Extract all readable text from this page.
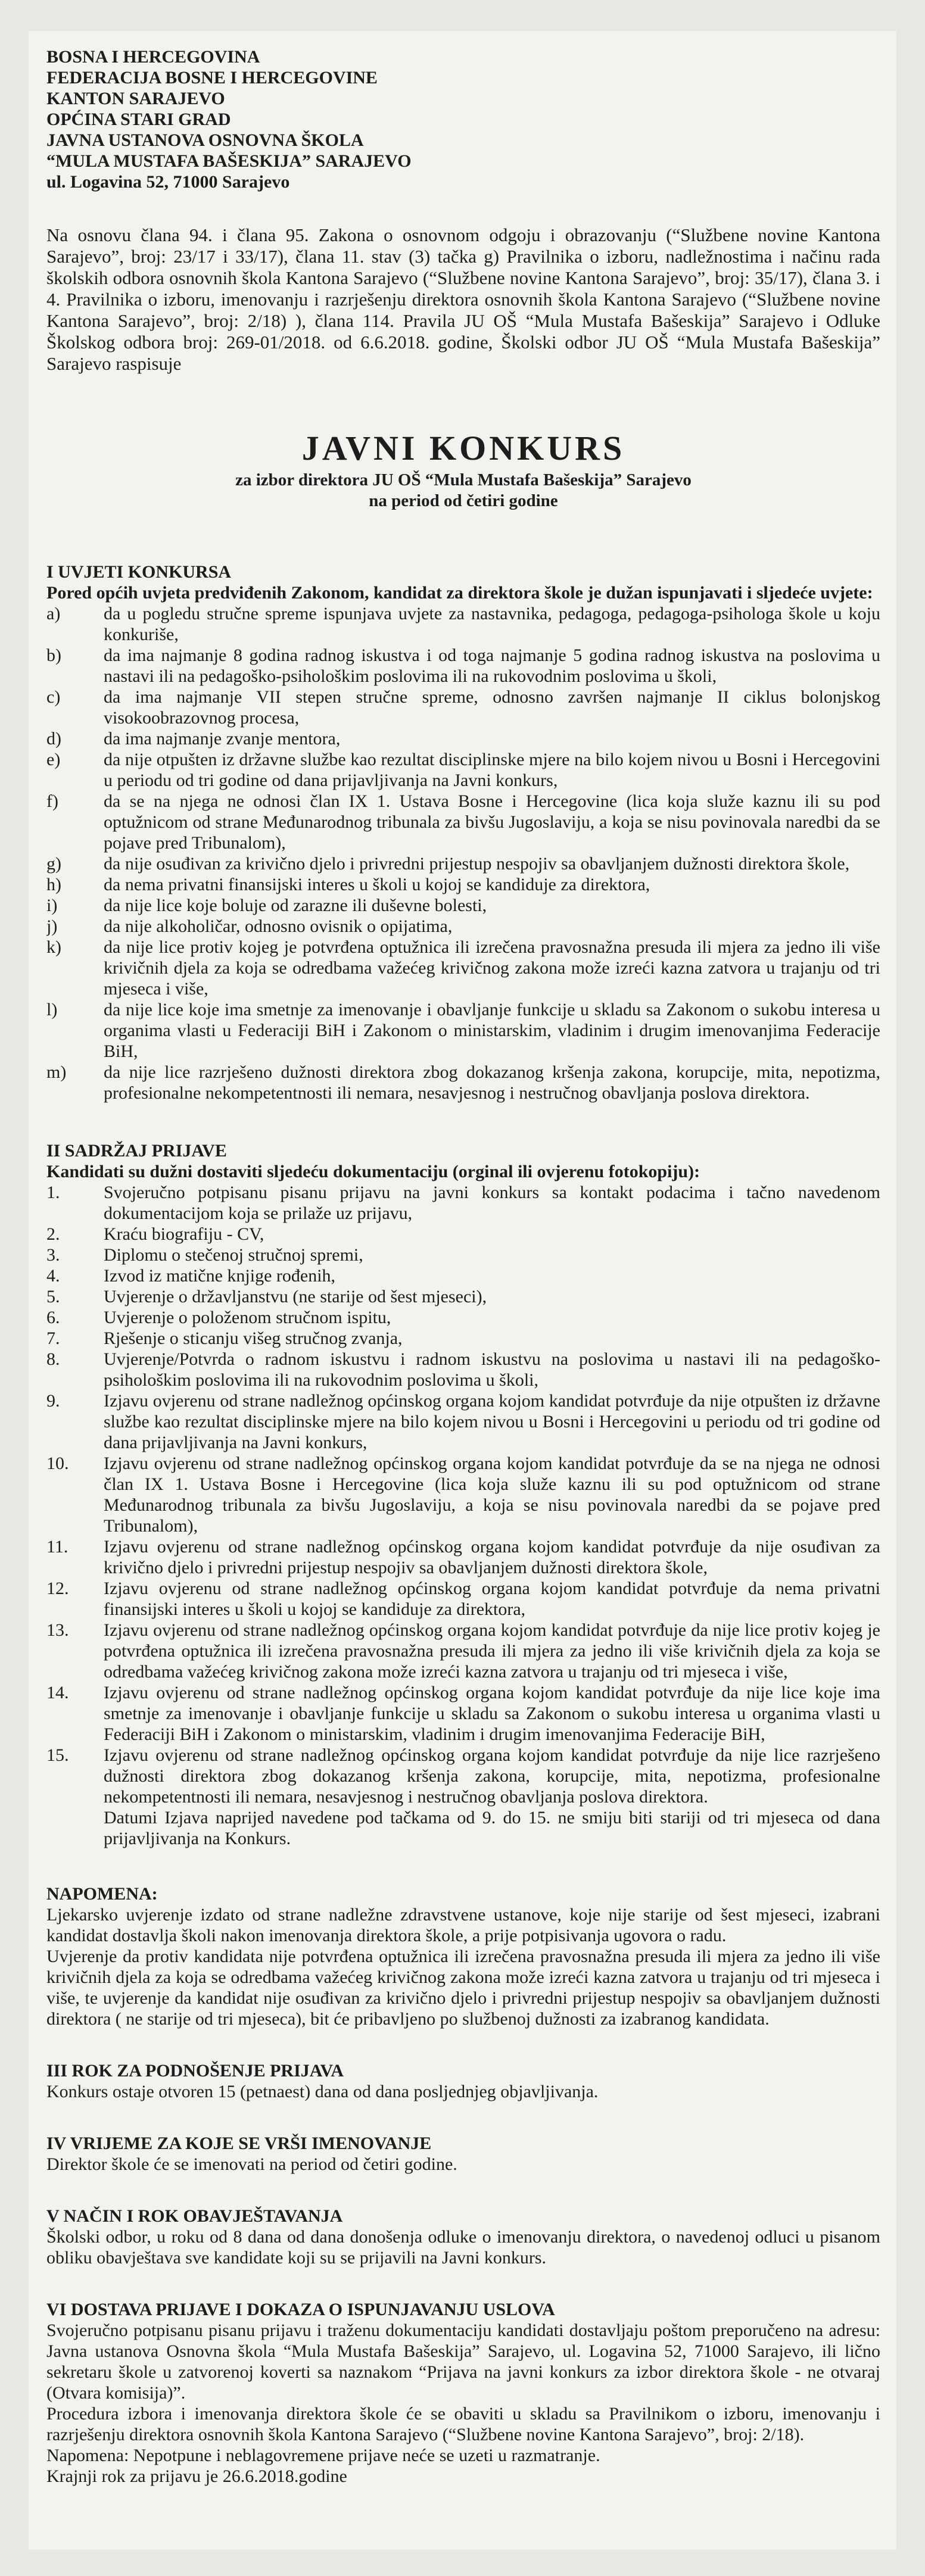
BOSNA I HERCEGOVINA

FEDERACIJA BOSNE I HERCEGOVINE

KANTON SARAJEVO

OPĆINA STARI GRAD

JAVNA USTANOVA OSNOVNA ŠKOLA

“MULA MUSTAFA BAŠESKIJA” SARAJEVO

ul. Logavina 52, 71000 Sarajevo

Na osnovu člana 94. i člana 95. Zakona o osnovnom odgoju i obrazovanju (“Službene novine Kantona Sarajevo”, broj: 23/17 i 33/17), člana 11. stav (3) tačka g) Pravilnika o izboru, nadležnostima i načinu rada školskih odbora osnovnih škola Kantona Sarajevo (“Službene novine Kantona Sarajevo”, broj: 35/17), člana 3. i 4. Pravilnika o izboru, imenovanju i razrješenju direktora osnovnih škola Kantona Sarajevo (“Službene novine Kantona Sarajevo”, broj: 2/18) ), člana 114. Pravila JU OŠ “Mula Mustafa Bašeskija” Sarajevo i Odluke Školskog odbora broj: 269-01/2018. od 6.6.2018. godine, Školski odbor JU OŠ “Mula Mustafa Bašeskija” Sarajevo raspisuje

JAVNI KONKURS

za izbor direktora JU OŠ “Mula Mustafa Bašeskija” Sarajevo

na period od četiri godine

I UVJETI KONKURSA

Pored općih uvjeta predviđenih Zakonom, kandidat za direktora škole je dužan ispunjavati i sljedeće uvjete:

a)	da u pogledu stručne spreme ispunjava uvjete za nastavnika, pedagoga, pedagoga-psihologa škole u koju konkuriše,
b)	da ima najmanje 8 godina radnog iskustva i od toga najmanje 5 godina radnog iskustva na poslovima u nastavi ili na pedagoško-psihološkim poslovima ili na rukovodnim poslovima u školi,
c)	da ima najmanje VII stepen stručne spreme, odnosno završen najmanje II ciklus bolonjskog visokoobrazovnog procesa,
d)	da ima najmanje zvanje mentora,
e)	da nije otpušten iz državne službe kao rezultat disciplinske mjere na bilo kojem nivou u Bosni i Hercegovini u periodu od tri godine od dana prijavljivanja na Javni konkurs,
f)	da se na njega ne odnosi član IX 1. Ustava Bosne i Hercegovine (lica koja služe kaznu ili su pod optužnicom od strane Međunarodnog tribunala za bivšu Jugoslaviju, a koja se nisu povinovala naredbi da se pojave pred Tribunalom),
g)	da nije osuđivan za krivično djelo i privredni prijestup nespojiv sa obavljanjem dužnosti direktora škole,
h)	da nema privatni finansijski interes u školi u kojoj se kandiduje za direktora,
i)	da nije lice koje boluje od zarazne ili duševne bolesti,
j)	da nije alkoholičar, odnosno ovisnik o opijatima,
k)	da nije lice protiv kojeg je potvrđena optužnica ili izrečena pravosnažna presuda ili mjera za jedno ili više krivičnih djela za koja se odredbama važećeg krivičnog zakona može izreći kazna zatvora u trajanju od tri mjeseca i više,
l)	da nije lice koje ima smetnje za imenovanje i obavljanje funkcije u skladu sa Zakonom o sukobu interesa u organima vlasti u Federaciji BiH i Zakonom o ministarskim, vladinim i drugim imenovanjima Federacije BiH,
m)	da nije lice razrješeno dužnosti direktora zbog dokazanog kršenja zakona, korupcije, mita, nepotizma, profesionalne nekompetentnosti ili nemara, nesavjesnog i nestručnog obavljanja poslova direktora.

II SADRŽAJ PRIJAVE

Kandidati su dužni dostaviti sljedeću dokumentaciju (orginal ili ovjerenu fotokopiju):

1.	Svojeručno potpisanu pisanu prijavu na javni konkurs sa kontakt podacima i tačno navedenom dokumentacijom koja se prilaže uz prijavu,
2.	Kraću biografiju - CV,
3.	Diplomu o stečenoj stručnoj spremi,
4.	Izvod iz matične knjige rođenih,
5.	Uvjerenje o državljanstvu (ne starije od šest mjeseci),
6.	Uvjerenje o položenom stručnom ispitu,
7.	Rješenje o sticanju višeg stručnog zvanja,
8.	Uvjerenje/Potvrda o radnom iskustvu i radnom iskustvu na poslovima u nastavi ili na pedagoško- psihološkim poslovima ili na rukovodnim poslovima u školi,
9.	Izjavu ovjerenu od strane nadležnog općinskog organa kojom kandidat potvrđuje da nije otpušten iz državne službe kao rezultat disciplinske mjere na bilo kojem nivou u Bosni i Hercegovini u periodu od tri godine od dana prijavljivanja na Javni konkurs,
10.	Izjavu ovjerenu od strane nadležnog općinskog organa kojom kandidat potvrđuje da se na njega ne odnosi član IX 1. Ustava Bosne i Hercegovine (lica koja služe kaznu ili su pod optužnicom od strane Međunarodnog tribunala za bivšu Jugoslaviju, a koja se nisu povinovala naredbi da se pojave pred Tribunalom),
11.	Izjavu ovjerenu od strane nadležnog općinskog organa kojom kandidat potvrđuje da nije osuđivan za krivično djelo i privredni prijestup nespojiv sa obavljanjem dužnosti direktora škole,
12.	Izjavu ovjerenu od strane nadležnog općinskog organa kojom kandidat potvrđuje da nema privatni finansijski interes u školi u kojoj se kandiduje za direktora,
13.	Izjavu ovjerenu od strane nadležnog općinskog organa kojom kandidat potvrđuje da nije lice protiv kojeg je potvrđena optužnica ili izrečena pravosnažna presuda ili mjera za jedno ili više krivičnih djela za koja se odredbama važećeg krivičnog zakona može izreći kazna zatvora u trajanju od tri mjeseca i više,
14.	Izjavu ovjerenu od strane nadležnog općinskog organa kojom kandidat potvrđuje da nije lice koje ima smetnje za imenovanje i obavljanje funkcije u skladu sa Zakonom o sukobu interesa u organima vlasti u Federaciji BiH i Zakonom o ministarskim, vladinim i drugim imenovanjima Federacije BiH,
15.	Izjavu ovjerenu od strane nadležnog općinskog organa kojom kandidat potvrđuje da nije lice razrješeno dužnosti direktora zbog dokazanog kršenja zakona, korupcije, mita, nepotizma, profesionalne nekompetentnosti ili nemara, nesavjesnog i nestručnog obavljanja poslova direktora.

Datumi Izjava naprijed navedene pod tačkama od 9. do 15. ne smiju biti stariji od tri mjeseca od dana prijavljivanja na Konkurs.

NAPOMENA:

Ljekarsko uvjerenje izdato od strane nadležne zdravstvene ustanove, koje nije starije od šest mjeseci, izabrani kandidat dostavlja školi nakon imenovanja direktora škole, a prije potpisivanja ugovora o radu.

Uvjerenje da protiv kandidata nije potvrđena optužnica ili izrečena pravosnažna presuda ili mjera za jedno ili više krivičnih djela za koja se odredbama važećeg krivičnog zakona može izreći kazna zatvora u trajanju od tri mjeseca i više, te uvjerenje da kandidat nije osuđivan za krivično djelo i privredni prijestup nespojiv sa obavljanjem dužnosti direktora ( ne starije od tri mjeseca), bit će pribavljeno po službenoj dužnosti za izabranog kandidata.

III ROK ZA PODNOŠENJE PRIJAVA

Konkurs ostaje otvoren 15 (petnaest) dana od dana posljednjeg objavljivanja.

IV VRIJEME ZA KOJE SE VRŠI IMENOVANJE

Direktor škole će se imenovati na period od četiri godine.

V NAČIN I ROK OBAVJEŠTAVANJA

Školski odbor, u roku od 8 dana od dana donošenja odluke o imenovanju direktora, o navedenoj odluci u pisanom obliku obavještava sve kandidate koji su se prijavili na Javni konkurs.

VI DOSTAVA PRIJAVE I DOKAZA O ISPUNJAVANJU USLOVA

Svojeručno potpisanu pisanu prijavu i traženu dokumentaciju kandidati dostavljaju poštom preporučeno na adresu: Javna ustanova Osnovna škola “Mula Mustafa Bašeskija” Sarajevo, ul. Logavina 52, 71000 Sarajevo, ili lično sekretaru škole u zatvorenoj koverti sa naznakom “Prijava na javni konkurs za izbor direktora škole - ne otvaraj (Otvara komisija)”.

Procedura izbora i imenovanja direktora škole će se obaviti u skladu sa Pravilnikom o izboru, imenovanju i razrješenju direktora osnovnih škola Kantona Sarajevo (“Službene novine Kantona Sarajevo”, broj: 2/18).

Napomena: Nepotpune i neblagovremene prijave neće se uzeti u razmatranje.

Krajnji rok za prijavu je 26.6.2018.godine
